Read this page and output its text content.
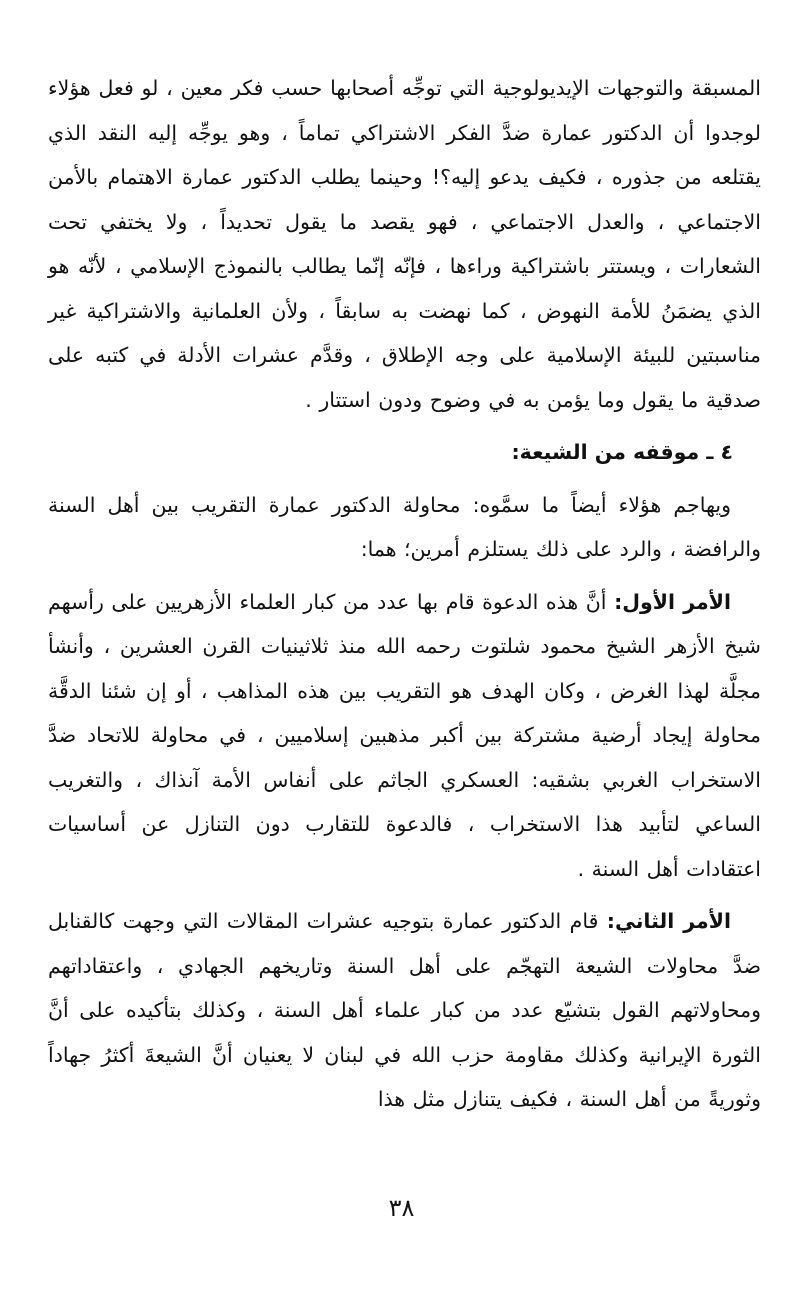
المسبقة والتوجهات الإيديولوجية التي توجِّه أصحابها حسب فكر معين ، لو فعل هؤلاء لوجدوا أن الدكتور عمارة ضدَّ الفكر الاشتراكي تماماً ، وهو يوجِّه إليه النقد الذي يقتلعه من جذوره ، فكيف يدعو إليه؟! وحينما يطلب الدكتور عمارة الاهتمام بالأمن الاجتماعي ، والعدل الاجتماعي ، فهو يقصد ما يقول تحديداً ، ولا يختفي تحت الشعارات ، ويستتر باشتراكية وراءها ، فإنّه إنّما يطالب بالنموذج الإسلامي ، لأنّه هو الذي يضمَنُ للأمة النهوض ، كما نهضت به سابقاً ، ولأن العلمانية والاشتراكية غير مناسبتين للبيئة الإسلامية على وجه الإطلاق ، وقدَّم عشرات الأدلة في كتبه على صدقية ما يقول وما يؤمن به في وضوح ودون استتار .

٤ ـ موقفه من الشيعة:

ويهاجم هؤلاء أيضاً ما سمَّوه: محاولة الدكتور عمارة التقريب بين أهل السنة والرافضة ، والرد على ذلك يستلزم أمرين؛ هما:

الأمر الأول: أنَّ هذه الدعوة قام بها عدد من كبار العلماء الأزهريين على رأسهم شيخ الأزهر الشيخ محمود شلتوت رحمه الله منذ ثلاثينيات القرن العشرين ، وأنشأ مجلَّة لهذا الغرض ، وكان الهدف هو التقريب بين هذه المذاهب ، أو إن شئنا الدقَّة محاولة إيجاد أرضية مشتركة بين أكبر مذهبين إسلاميين ، في محاولة للاتحاد ضدَّ الاستخراب الغربي بشقيه: العسكري الجاثم على أنفاس الأمة آنذاك ، والتغريب الساعي لتأبيد هذا الاستخراب ، فالدعوة للتقارب دون التنازل عن أساسيات اعتقادات أهل السنة .

الأمر الثاني: قام الدكتور عمارة بتوجيه عشرات المقالات التي وجهت كالقنابل ضدَّ محاولات الشيعة التهجّم على أهل السنة وتاريخهم الجهادي ، واعتقاداتهم ومحاولاتهم القول بتشيّع عدد من كبار علماء أهل السنة ، وكذلك بتأكيده على أنَّ الثورة الإيرانية وكذلك مقاومة حزب الله في لبنان لا يعنيان أنَّ الشيعةَ أكثرُ جهاداً وثوريةً من أهل السنة ، فكيف يتنازل مثل هذا

٣٨
